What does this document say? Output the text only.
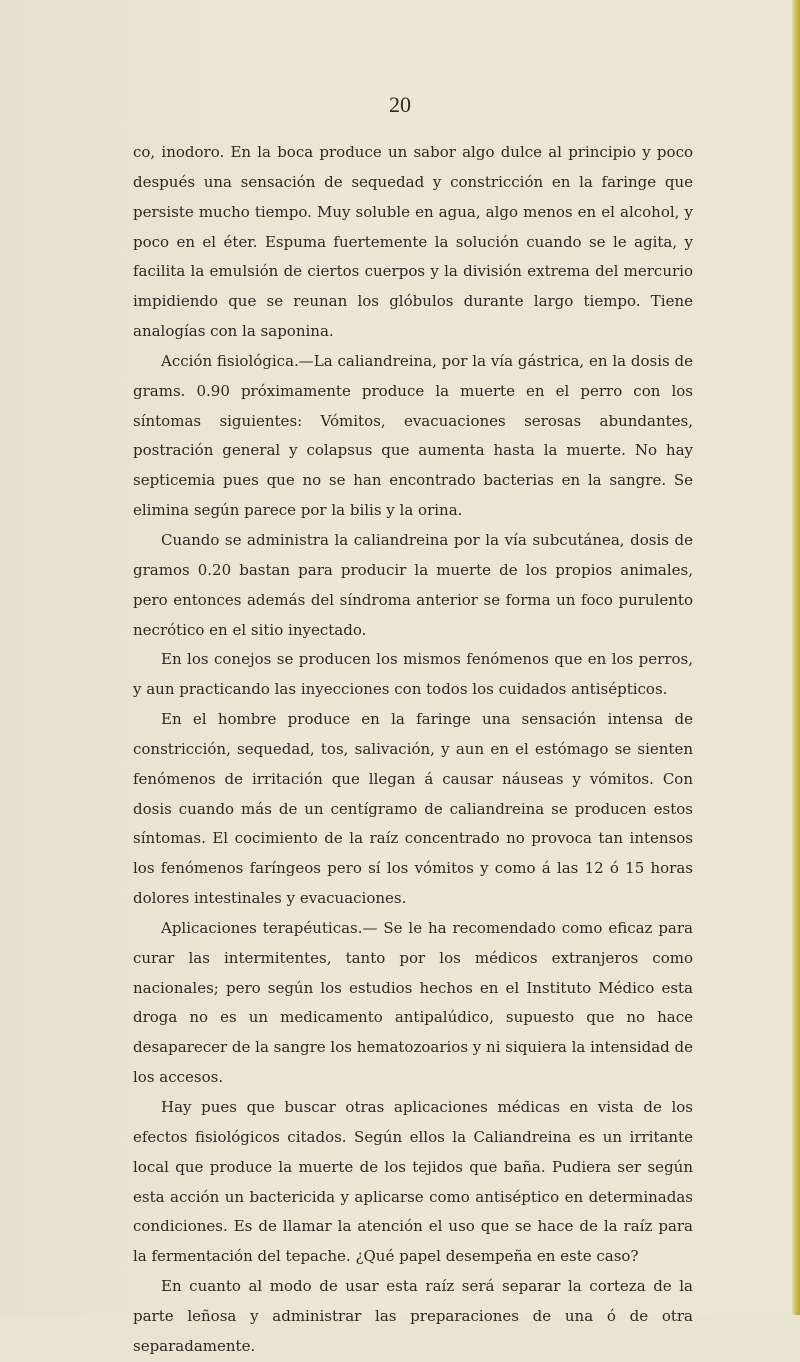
20

co, inodoro. En la boca produce un sabor algo dulce al principio y poco después una sensación de sequedad y constricción en la faringe que persiste mucho tiempo. Muy soluble en agua, algo menos en el alcohol, y poco en el éter. Espuma fuertemente la solución cuando se le agita, y facilita la emulsión de ciertos cuerpos y la división extrema del mercurio impidiendo que se reunan los glóbulos durante largo tiempo. Tiene analogías con la saponina.

Acción fisiológica.—La caliandreina, por la vía gástrica, en la dosis de grams. 0.90 próximamente produce la muerte en el perro con los síntomas siguientes: Vómitos, evacuaciones serosas abundantes, postración general y colapsus que aumenta hasta la muerte. No hay septicemia pues que no se han encontrado bacterias en la sangre. Se elimina según parece por la bilis y la orina.

Cuando se administra la caliandreina por la vía subcutánea, dosis de gramos 0.20 bastan para producir la muerte de los propios animales, pero entonces además del síndroma anterior se forma un foco purulento necrótico en el sitio inyectado.

En los conejos se producen los mismos fenómenos que en los perros, y aun practicando las inyecciones con todos los cuidados antisépticos.

En el hombre produce en la faringe una sensación intensa de constricción, sequedad, tos, salivación, y aun en el estómago se sienten fenómenos de irritación que llegan á causar náuseas y vómitos. Con dosis cuando más de un centígramo de caliandreina se producen estos síntomas. El cocimiento de la raíz concentrado no provoca tan intensos los fenómenos faríngeos pero sí los vómitos y como á las 12 ó 15 horas dolores intestinales y evacuaciones.

Aplicaciones terapéuticas.— Se le ha recomendado como eficaz para curar las intermitentes, tanto por los médicos extranjeros como nacionales; pero según los estudios hechos en el Instituto Médico esta droga no es un medicamento antipalúdico, supuesto que no hace desaparecer de la sangre los hematozoarios y ni siquiera la intensidad de los accesos.

Hay pues que buscar otras aplicaciones médicas en vista de los efectos fisiológicos citados. Según ellos la Caliandreina es un irritante local que produce la muerte de los tejidos que baña. Pudiera ser según esta acción un bactericida y aplicarse como antiséptico en determinadas condiciones. Es de llamar la atención el uso que se hace de la raíz para la fermentación del tepache. ¿Qué papel desempeña en este caso?

En cuanto al modo de usar esta raíz será separar la corteza de la parte leñosa y administrar las preparaciones de una ó de otra separadamente.
